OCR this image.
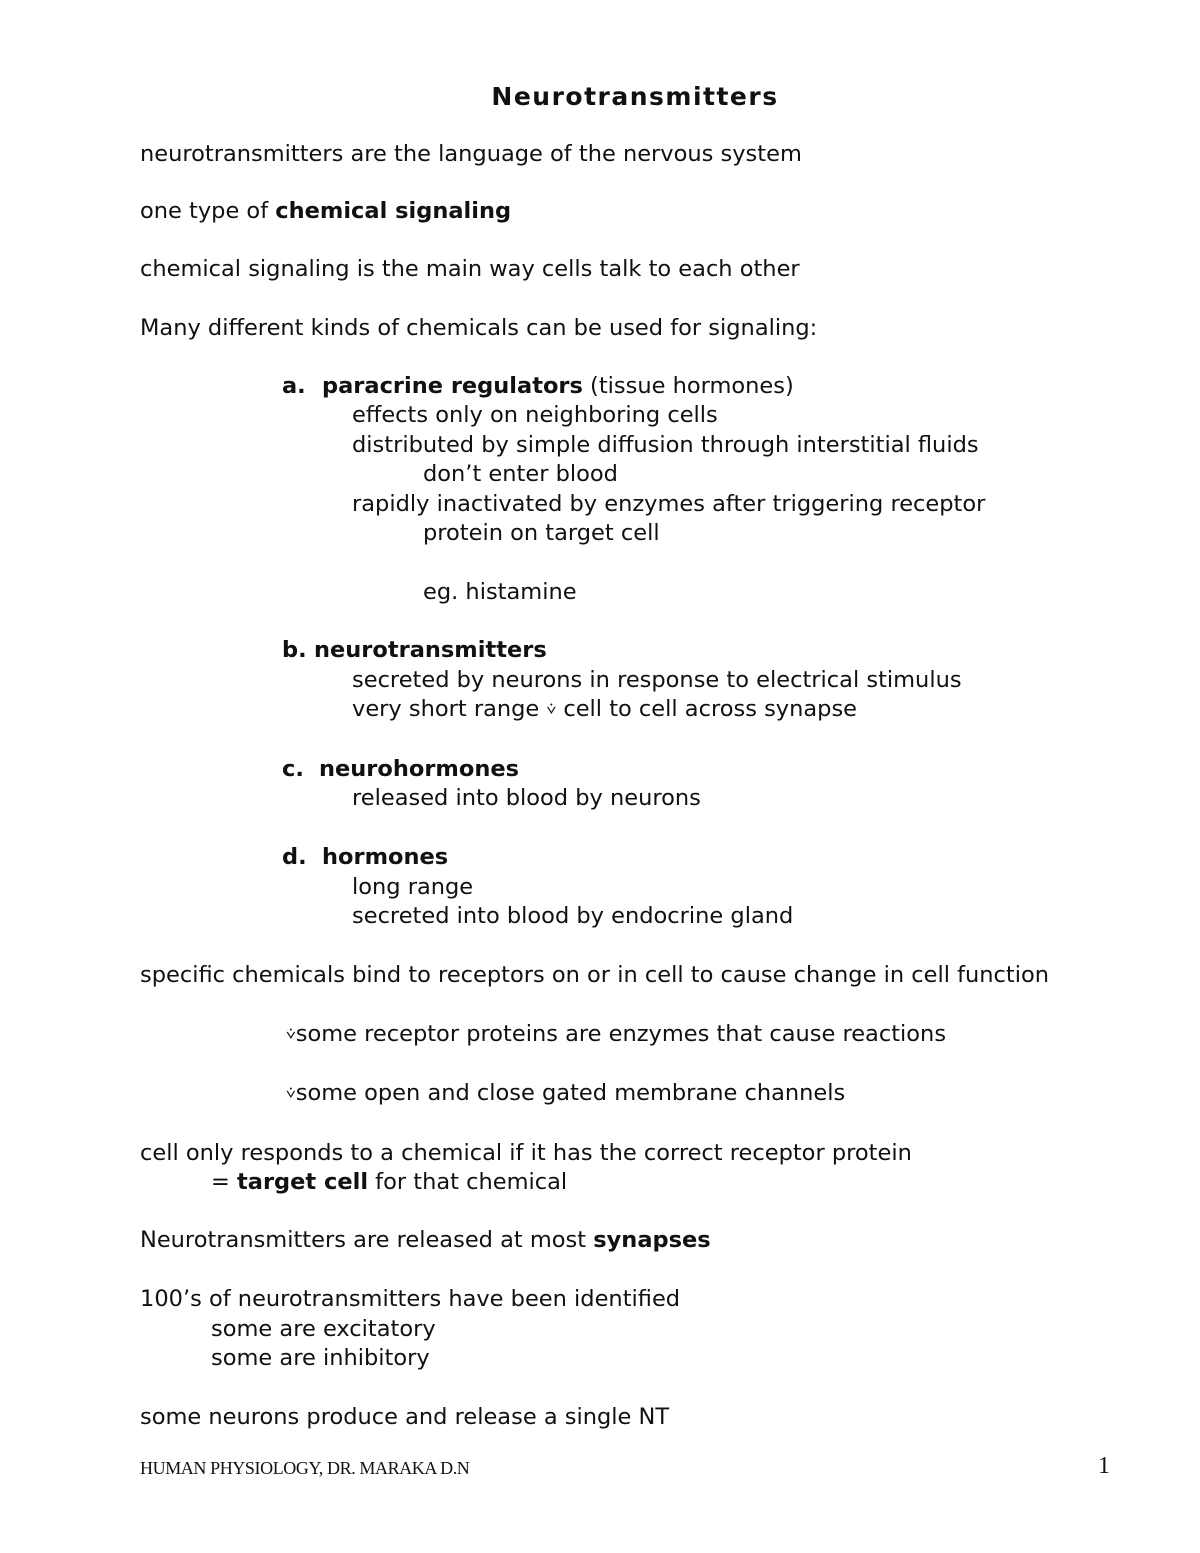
Neurotransmitters
neurotransmitters are the language of the nervous system
one type of chemical signaling
chemical signaling is the main way cells talk to each other
Many different kinds of chemicals can be used for signaling:
a. paracrine regulators (tissue hormones)
effects only on neighboring cells
distributed by simple diffusion through interstitial fluids
don’t enter blood
rapidly inactivated by enzymes after triggering receptor
protein on target cell
eg. histamine
b. neurotransmitters
secreted by neurons in response to electrical stimulus
very short range ⩒ cell to cell across synapse
c. neurohormones
released into blood by neurons
d. hormones
long range
secreted into blood by endocrine gland
specific chemicals bind to receptors on or in cell to cause change in cell function
⩒some receptor proteins are enzymes that cause reactions
⩒some open and close gated membrane channels
cell only responds to a chemical if it has the correct receptor protein
= target cell for that chemical
Neurotransmitters are released at most synapses
100’s of neurotransmitters have been identified
some are excitatory
some are inhibitory
some neurons produce and release a single NT
HUMAN PHYSIOLOGY, DR. MARAKA D.N	1
